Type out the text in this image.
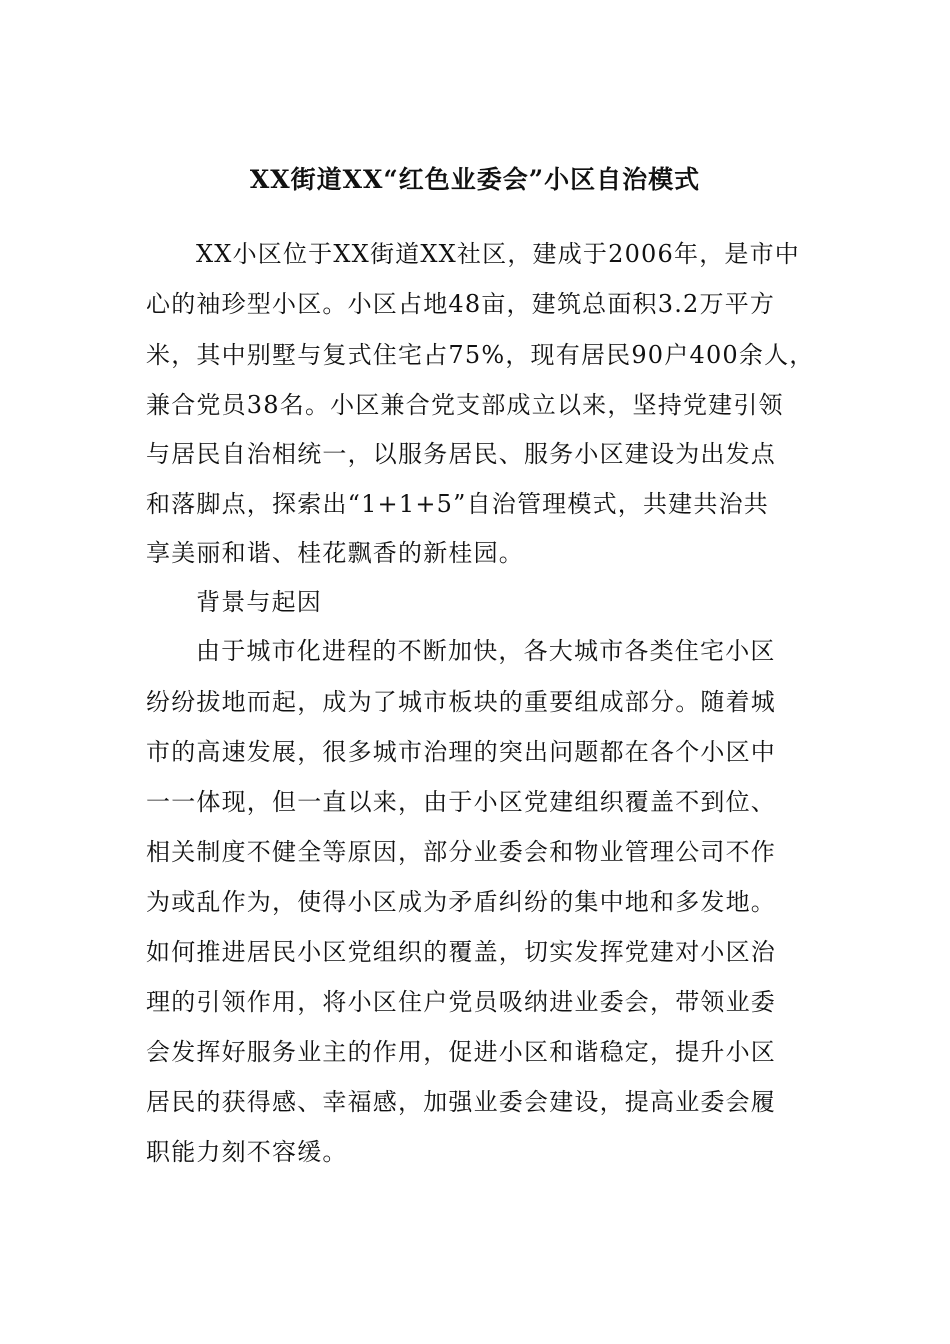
XX街道XX“红色业委会”小区自治模式
XX小区位于XX街道XX社区，建成于2006年，是市中
心的袖珍型小区。小区占地48亩，建筑总面积3.2万平方
米，其中别墅与复式住宅占75%，现有居民90户400余人，
兼合党员38名。小区兼合党支部成立以来，坚持党建引领
与居民自治相统一，以服务居民、服务小区建设为出发点
和落脚点，探索出“1+1+5”自治管理模式，共建共治共
享美丽和谐、桂花飘香的新桂园。
背景与起因
由于城市化进程的不断加快，各大城市各类住宅小区
纷纷拔地而起，成为了城市板块的重要组成部分。随着城
市的高速发展，很多城市治理的突出问题都在各个小区中
一一体现，但一直以来，由于小区党建组织覆盖不到位、
相关制度不健全等原因，部分业委会和物业管理公司不作
为或乱作为，使得小区成为矛盾纠纷的集中地和多发地。
如何推进居民小区党组织的覆盖，切实发挥党建对小区治
理的引领作用，将小区住户党员吸纳进业委会，带领业委
会发挥好服务业主的作用，促进小区和谐稳定，提升小区
居民的获得感、幸福感，加强业委会建设，提高业委会履
职能力刻不容缓。
